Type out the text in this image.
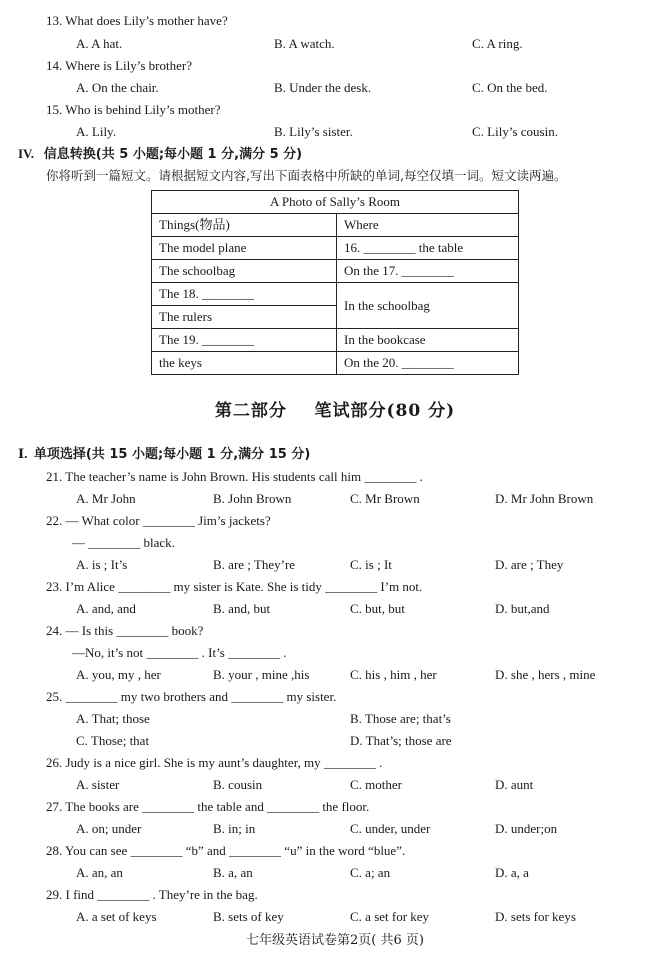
13. What does Lily’s mother have?
A. A hat.	B. A watch.	C. A ring.
14. Where is Lily’s brother?
A. On the chair.	B. Under the desk.	C. On the bed.
15. Who is behind Lily’s mother?
A. Lily.	B. Lily’s sister.	C. Lily’s cousin.
IV. 信息转换(共 5 小题;每小题 1 分,满分 5 分)
你将听到一篇短文。请根据短文内容,写出下面表格中所缺的单词,每空仅填一词。短文读两遍。
A Photo of Sally’s Room	
Things(物品)	Where
The model plane	16. ________ the table
The schoolbag	On the 17. ________
The 18. ________	In the schoolbag
The rulers	
The 19. ________	In the bookcase
the keys	On the 20. ________
第二部分    笔试部分(80 分)
Ⅰ. 单项选择(共 15 小题;每小题 1 分,满分 15 分)
21. The teacher’s name is John Brown. His students call him ________ .
A. Mr John	B. John Brown	C. Mr Brown	D. Mr John Brown
22. — What color ________ Jim’s jackets?
— ________ black.
A. is ; It’s	B. are ; They’re	C. is ; It	D. are ; They
23. I’m Alice ________ my sister is Kate. She is tidy ________ I’m not.
A. and, and	B. and, but	C. but, but	D. but,and
24. — Is this ________ book?
—No, it’s not ________ . It’s ________ .
A. you, my , her	B. your , mine ,his	C. his , him , her	D. she , hers , mine
25. ________ my two brothers and ________ my sister.
A. That; those	B. Those are; that’s
C. Those; that	D. That’s; those are
26. Judy is a nice girl. She is my aunt’s daughter, my ________ .
A. sister	B. cousin	C. mother	D. aunt
27. The books are ________ the table and ________ the floor.
A. on; under	B. in; in	C. under, under	D. under;on
28. You can see ________ “b” and ________ “u” in the word “blue”.
A. an, an	B. a, an	C. a; an	D. a, a
29. I find ________ . They’re in the bag.
A. a set of keys	B. sets of key	C. a set for key	D. sets for keys
七年级英语试卷第2页( 共6 页)
